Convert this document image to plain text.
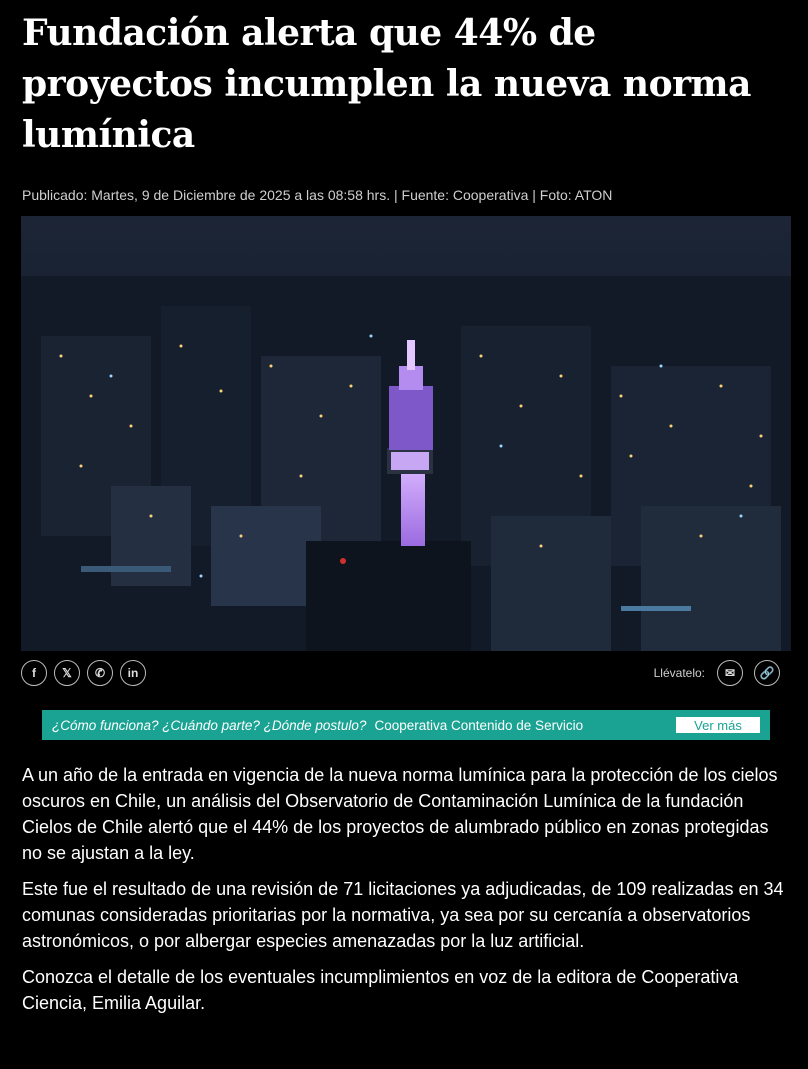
Fundación alerta que 44% de proyectos incumplen la nueva norma lumínica
Publicado: Martes, 9 de Diciembre de 2025 a las 08:58 hrs. | Fuente: Cooperativa | Foto: ATON
f	𝕏	✆	in	Llévatelo:	✉	🔗
¿Cómo funciona? ¿Cuándo parte? ¿Dónde postulo? Cooperativa Contenido de Servicio	Ver más

A un año de la entrada en vigencia de la nueva norma lumínica para la protección de los cielos oscuros en Chile, un análisis del Observatorio de Contaminación Lumínica de la fundación Cielos de Chile alertó que el 44% de los proyectos de alumbrado público en zonas protegidas no se ajustan a la ley.

Este fue el resultado de una revisión de 71 licitaciones ya adjudicadas, de 109 realizadas en 34 comunas consideradas prioritarias por la normativa, ya sea por su cercanía a observatorios astronómicos, o por albergar especies amenazadas por la luz artificial.

Conozca el detalle de los eventuales incumplimientos en voz de la editora de Cooperativa Ciencia, Emilia Aguilar.
